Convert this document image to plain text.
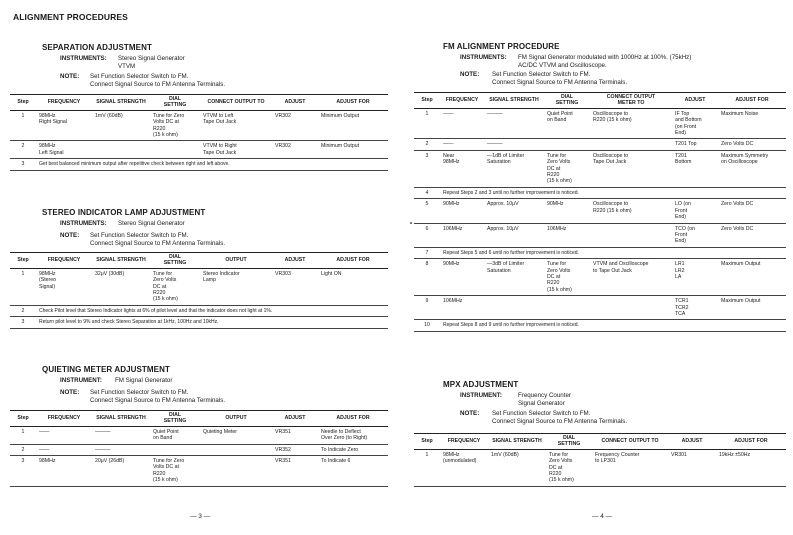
ALIGNMENT PROCEDURES
SEPARATION ADJUSTMENT
INSTRUMENTS: Stereo Signal Generator
VTVM
NOTE: Set Function Selector Switch to FM.
Connect Signal Source to FM Antenna Terminals.
Step	FREQUENCY	SIGNAL STRENGTH	DIAL
SETTING	CONNECT OUTPUT TO	ADJUST	ADJUST FOR
1	98MHz
Right Signal	1mV (60dB)	Tune for Zero
Volts DC at
R220
(15 k ohm)	VTVM to Left
Tape Out Jack	VR302	Minimum Output
2	98MHz
Left Signal			VTVM to Right
Tape Out Jack	VR302	Minimum Output
3	Get best balanced minimum output after repetitive check between right and left above.					
STEREO INDICATOR LAMP ADJUSTMENT
INSTRUMENTS: Stereo Signal Generator
NOTE: Set Function Selector Switch to FM.
Connect Signal Source to FM Antenna Terminals.
Step	FREQUENCY	SIGNAL STRENGTH	DIAL
SETTING	OUTPUT	ADJUST	ADJUST FOR
1	98MHz
(Stereo
Signal)	32μV (30dB)	Tune for
Zero Volts
DC at
R220
(15 k ohm)	Stereo Indicator
Lamp	VR303	Light ON
2	Check Pilot level that Stereo Indicator lights at 6% of pilot level and that the indicator does not light at 1%.					
3	Return pilot level to 9% and check Stereo Separation at 1kHz, 100Hz and 10kHz.					
QUIETING METER ADJUSTMENT
INSTRUMENT: FM Signal Generator
NOTE: Set Function Selector Switch to FM.
Connect Signal Source to FM Antenna Terminals.
Step	FREQUENCY	SIGNAL STRENGTH	DIAL
SETTING	OUTPUT	ADJUST	ADJUST FOR
1	——	———	Quiet Point
on Band	Quieting Meter	VR351	Needle to Deflect
Over Zero (to Right)
2	——	———			VR352	To Indicate Zero
3	98MHz	20μV (26dB)	Tune for Zero
Volts DC at
R220
(15 k ohm)		VR351	To Indicate 6
— 3 —
FM ALIGNMENT PROCEDURE
INSTRUMENTS: FM Signal Generator modulated with 1000Hz at 100%. (75kHz)
AC/DC VTVM and Oscilloscope.
NOTE: Set Function Selector Switch to FM.
Connect Signal Source to FM Antenna Terminals.
Step	FREQUENCY	SIGNAL STRENGTH	DIAL
SETTING	CONNECT OUTPUT
METER TO	ADJUST	ADJUST FOR
1	——	———	Quiet Point
on Band	Oscilloscope to
R220 (15 k ohm)	IF Top
and Bottom
(on Front
End)	Maximum Noise
2	——	———			T201 Top	Zero Volts DC
3	Near
98MHz	—1dB of Limiter
Saturation	Tune for
Zero Volts
DC at
R220
(15 k ohm)	Oscilloscope to
Tape Out Jack	T201
Bottom	Maximum Symmetry
on Oscilloscope
4	Repeat Steps 2 and 3 until no further improvement is noticed.					
5	90MHz	Approx. 10μV	90MHz	Oscilloscope to
R220 (15 k ohm)	LO (on
Front
End)	Zero Volts DC
6	106MHz	Approx. 10μV	106MHz		TCO (on
Front
End)	Zero Volts DC
7	Repeat Steps 5 and 6 until no further improvement is noticed.					
8	90MHz	—3dB of Limiter
Saturation	Tune for
Zero Volts
DC at
R220
(15 k ohm)	VTVM and Oscilloscope
to Tape Out Jack	LR1
LR2
LA	Maximum Output
9	106MHz				TCR1
TCR2
TCA	Maximum Output
10	Repeat Steps 8 and 9 until no further improvement is noticed.					
MPX ADJUSTMENT
INSTRUMENT:	Frequency Counter
Signal Generator
NOTE: Set Function Selector Switch to FM.
Connect Signal Source to FM Antenna Terminals.
Step	FREQUENCY	SIGNAL STRENGTH	DIAL
SETTING	CONNECT OUTPUT TO	ADJUST	ADJUST FOR
1	98MHz
(unmodulated)	1mV (60dB)	Tune for
Zero Volts
DC at
R220
(15 k ohm)	Frequency Counter
to LP301	VR301	19kHz ±50Hz
— 4 —
